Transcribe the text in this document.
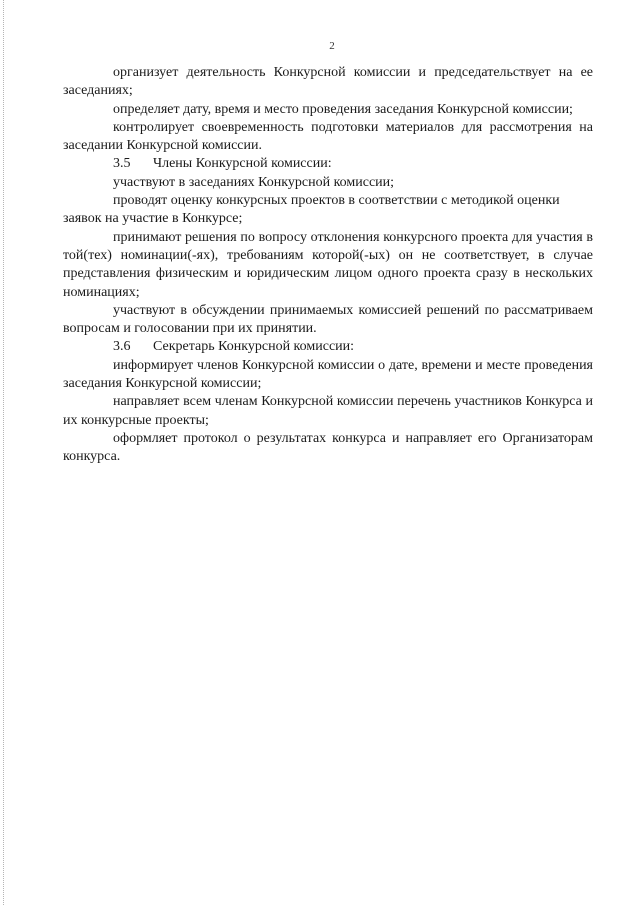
2

организует деятельность Конкурсной комиссии и председательствует на ее заседаниях;

определяет дату, время и место проведения заседания Конкурсной комиссии;

контролирует своевременность подготовки материалов для рассмотрения на заседании Конкурсной комиссии.

3.5 Члены Конкурсной комиссии:

участвуют в заседаниях Конкурсной комиссии;

проводят оценку конкурсных проектов в соответствии с методикой оценки заявок на участие в Конкурсе;

принимают решения по вопросу отклонения конкурсного проекта для участия в той(тех) номинации(-ях), требованиям которой(-ых) он не соответствует, в случае представления физическим и юридическим лицом одного проекта сразу в нескольких номинациях;

участвуют в обсуждении принимаемых комиссией решений по рассматриваем вопросам и голосовании при их принятии.

3.6 Секретарь Конкурсной комиссии:

информирует членов Конкурсной комиссии о дате, времени и месте проведения заседания Конкурсной комиссии;

направляет всем членам Конкурсной комиссии перечень участников Конкурса и их конкурсные проекты;

оформляет протокол о результатах конкурса и направляет его Организаторам конкурса.
